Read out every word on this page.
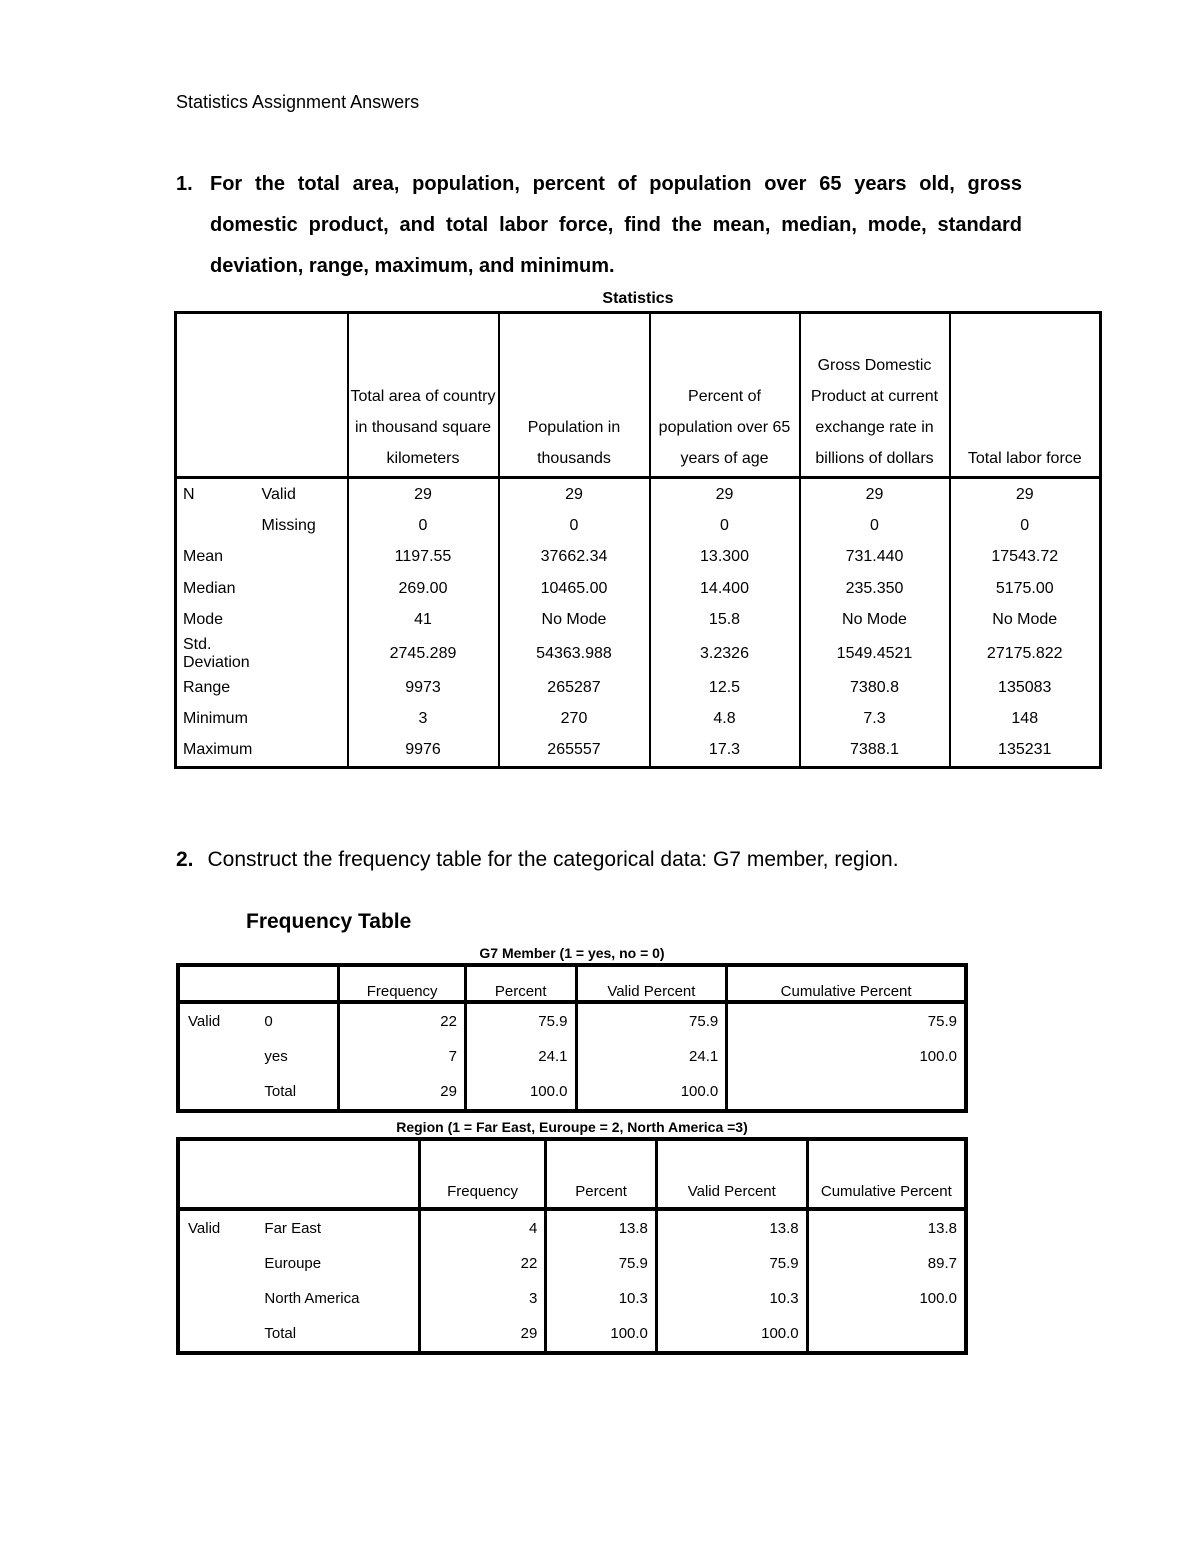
Statistics Assignment Answers
1. For the total area, population, percent of population over 65 years old, gross domestic product, and total labor force, find the mean, median, mode, standard deviation, range, maximum, and minimum.
Statistics
		Total area of country in thousand square kilometers	Population in thousands	Percent of population over 65 years of age	Gross Domestic Product at current exchange rate in billions of dollars	Total labor force
N	Valid	29	29	29	29	29
	Missing	0	0	0	0	0
Mean		1197.55	37662.34	13.300	731.440	17543.72
Median		269.00	10465.00	14.400	235.350	5175.00
Mode		41	No Mode	15.8	No Mode	No Mode
Std. Deviation		2745.289	54363.988	3.2326	1549.4521	27175.822
Range		9973	265287	12.5	7380.8	135083
Minimum		3	270	4.8	7.3	148
Maximum		9976	265557	17.3	7388.1	135231
2. Construct the frequency table for the categorical data: G7 member, region.
Frequency Table
G7 Member (1 = yes, no = 0)
		Frequency	Percent	Valid Percent	Cumulative Percent
Valid	0	22	75.9	75.9	75.9
	yes	7	24.1	24.1	100.0
	Total	29	100.0	100.0	
Region (1 = Far East, Euroupe = 2, North America =3)
		Frequency	Percent	Valid Percent	Cumulative Percent
Valid	Far East	4	13.8	13.8	13.8
	Euroupe	22	75.9	75.9	89.7
	North America	3	10.3	10.3	100.0
	Total	29	100.0	100.0	
